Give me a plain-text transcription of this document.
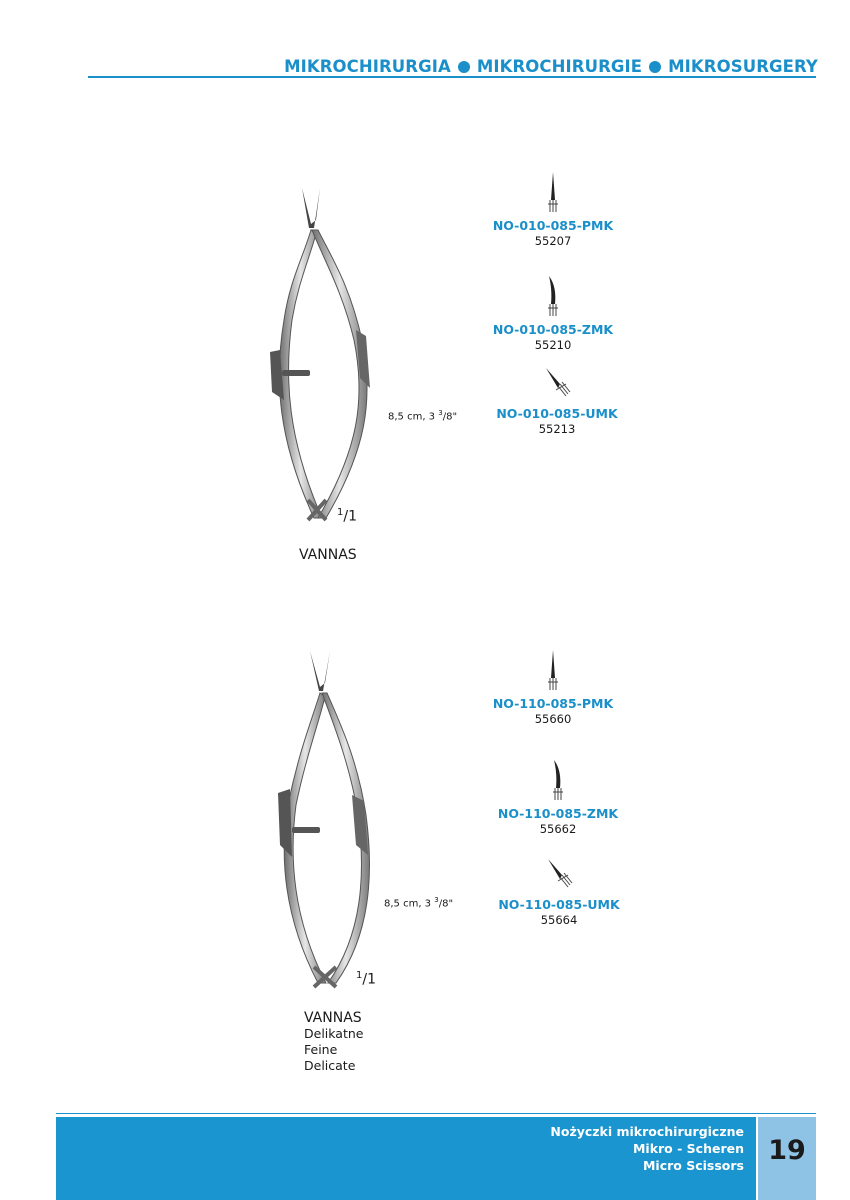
MIKROCHIRURGIA MIKROCHIRURGIE MIKROSURGERY
$^1$/1
8,5 cm, 3 $^3$/8"
VANNAS
NO-010-085-PMK
55207
NO-010-085-ZMK
55210
NO-010-085-UMK
55213
$^1$/1
8,5 cm, 3 $^3$/8"
VANNAS
Delikatne
Feine
Delicate
NO-110-085-PMK
55660
NO-110-085-ZMK
55662
NO-110-085-UMK
55664
Nożyczki mikrochirurgiczne
Mikro - Scheren
Micro Scissors 19
